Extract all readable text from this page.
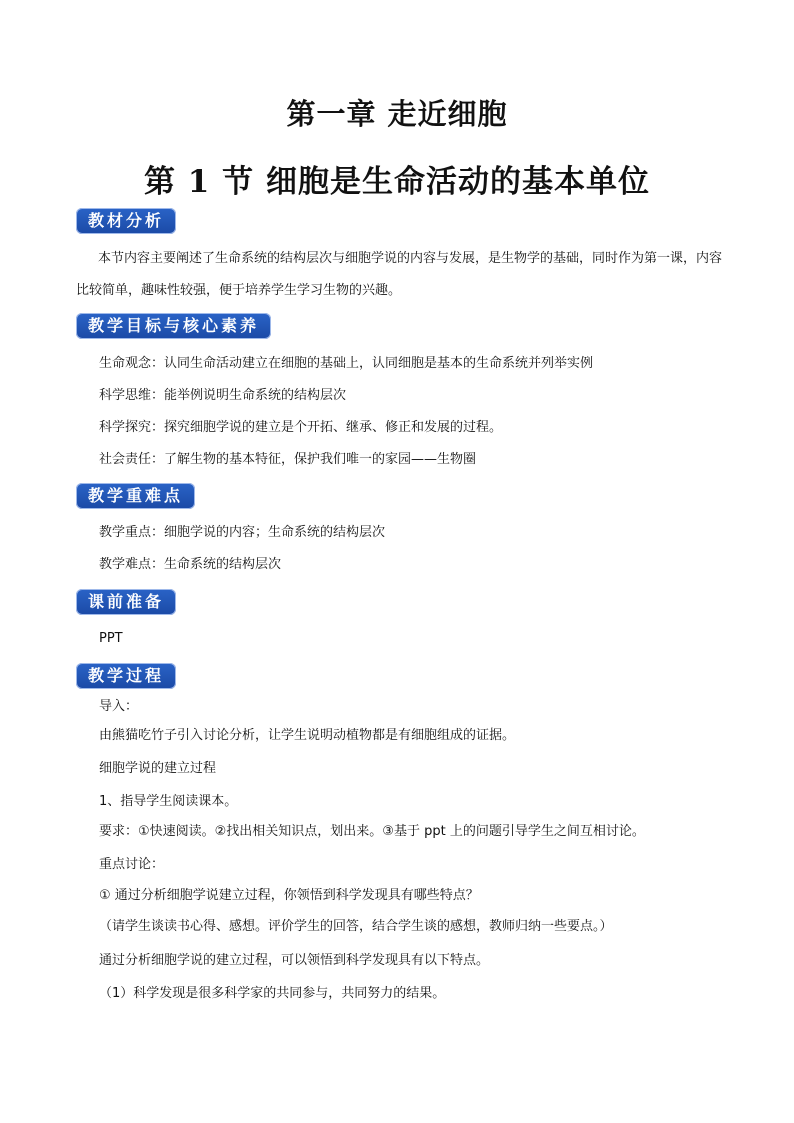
第一章 走近细胞
第 1 节 细胞是生命活动的基本单位
教材分析
本节内容主要阐述了生命系统的结构层次与细胞学说的内容与发展，是生物学的基础，同时作为第一课，内容比较简单，趣味性较强，便于培养学生学习生物的兴趣。
教学目标与核心素养
生命观念：认同生命活动建立在细胞的基础上，认同细胞是基本的生命系统并列举实例
科学思维：能举例说明生命系统的结构层次
科学探究：探究细胞学说的建立是个开拓、继承、修正和发展的过程。
社会责任：了解生物的基本特征，保护我们唯一的家园——生物圈
教学重难点
教学重点：细胞学说的内容；生命系统的结构层次
教学难点：生命系统的结构层次
课前准备
PPT
教学过程
导入：
由熊猫吃竹子引入讨论分析，让学生说明动植物都是有细胞组成的证据。
细胞学说的建立过程
1、指导学生阅读课本。
要求：①快速阅读。②找出相关知识点，划出来。③基于 ppt 上的问题引导学生之间互相讨论。
重点讨论：
① 通过分析细胞学说建立过程，你领悟到科学发现具有哪些特点？
（请学生谈读书心得、感想。评价学生的回答，结合学生谈的感想，教师归纳一些要点。）
通过分析细胞学说的建立过程，可以领悟到科学发现具有以下特点。
（1）科学发现是很多科学家的共同参与，共同努力的结果。
